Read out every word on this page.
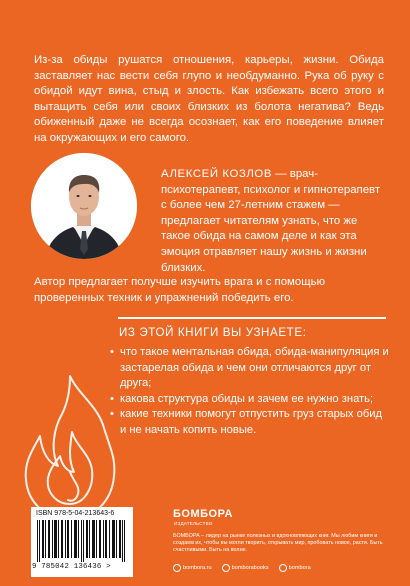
Из-за обиды рушатся отношения, карьеры, жизни. Обида заставляет нас вести себя глупо и необдуманно. Рука об руку с обидой идут вина, стыд и злость. Как избежать всего этого и вытащить себя или своих близких из болота негатива? Ведь обиженный даже не всегда осознает, как его поведение влияет на окружающих и его самого.

АЛЕКСЕЙ КОЗЛОВ — врач-психотерапевт, психолог и гипнотерапевт с более чем 27-летним стажем — предлагает читателям узнать, что же такое обида на самом деле и как эта эмоция отравляет нашу жизнь и жизни близких.

Автор предлагает получше изучить врага и с помощью проверенных техник и упражнений победить его.

ИЗ ЭТОЙ КНИГИ ВЫ УЗНАЕТЕ:
• что такое ментальная обида, обида-манипуляция и застарелая обида и чем они отличаются друг от друга;
• какова структура обиды и зачем ее нужно знать;
• какие техники помогут отпустить груз старых обид и не начать копить новые.
ISBN 978-5-04-213643-6
9 785042 136436 >
БОМБОРА
ИЗДАТЕЛЬСТВО

БОМБОРА – лидер на рынке полезных и вдохновляющих книг. Мы любим книги и создаем их, чтобы вы могли творить, открывать мир, пробовать новое, расти. Быть счастливыми. Быть на волне.

bombora.ru	bomborabooks	bombora
